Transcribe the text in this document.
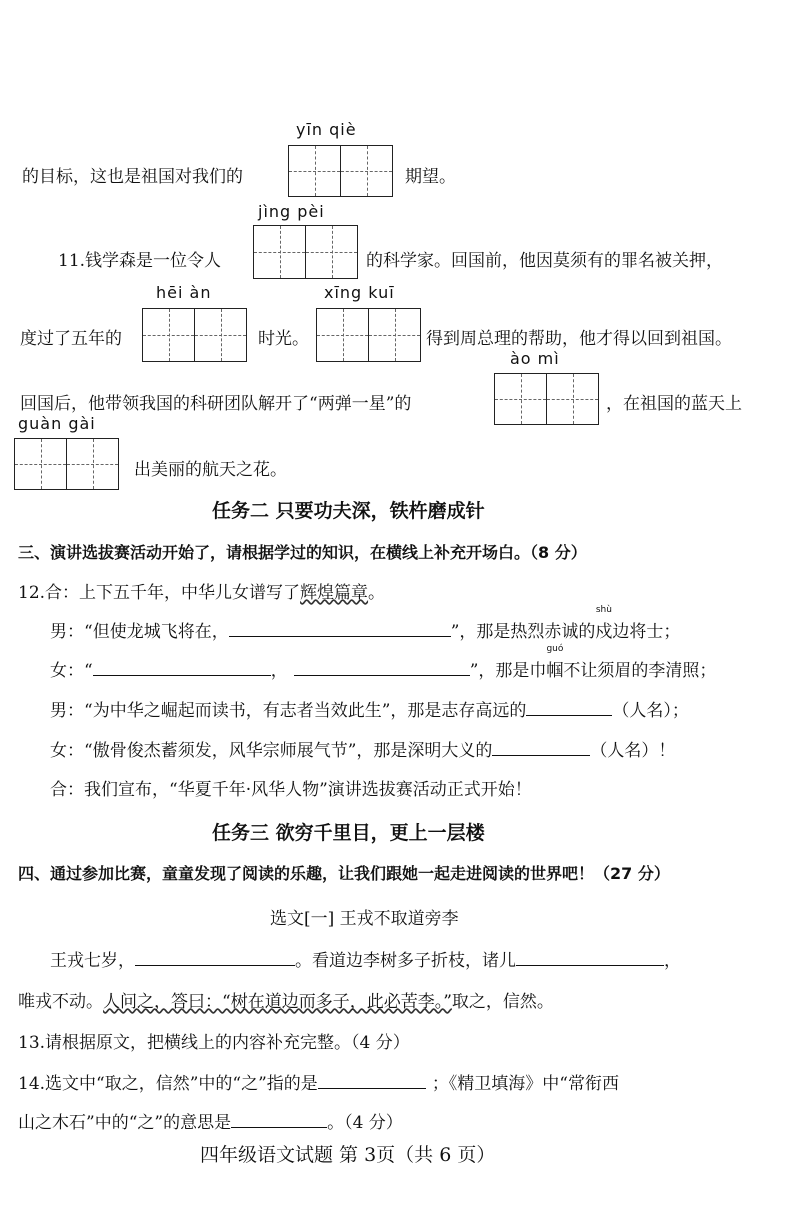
yīn qiè
的目标，这也是祖国对我们的	期望。
jìng pèi
11.钱学森是一位令人	的科学家。回国前，他因莫须有的罪名被关押，
hēi àn	xīng kuī
度过了五年的	时光。	得到周总理的帮助，他才得以回到祖国。
ào mì
回国后，他带领我国的科研团队解开了“两弹一星”的	，在祖国的蓝天上
guàn gài
出美丽的航天之花。
任务二 只要功夫深，铁杵磨成针
三、演讲选拔赛活动开始了，请根据学过的知识，在横线上补充开场白。（8 分）
12.合：上下五千年，中华儿女谱写了辉煌篇章。
男：“但使龙城飞将在，	”，那是热烈赤诚的
shù
戍边将士；
女：“	，	”，那是巾
guó
帼不让须眉的李清照；
男：“为中华之崛起而读书，有志者当效此生”，那是志存高远的	（人名）；
女：“傲骨俊杰蓄须发，风华宗师展气节”，那是深明大义的	（人名）！
合：我们宣布，“华夏千年·风华人物”演讲选拔赛活动正式开始！
任务三 欲穷千里目，更上一层楼
四、通过参加比赛，童童发现了阅读的乐趣，让我们跟她一起走进阅读的世界吧！（27 分）
选文[一] 王戎不取道旁李
王戎七岁，	。看道边李树多子折枝，诸儿	，
唯戎不动。人问之，答曰：“树在道边而多子，此必苦李。”取之，信然。
13.请根据原文，把横线上的内容补充完整。（4 分）
14.选文中“取之，信然”中的“之”指的是	；《精卫填海》中“常衔西
山之木石”中的“之”的意思是	。（4 分）
四年级语文试题 第 3页（共 6 页）
